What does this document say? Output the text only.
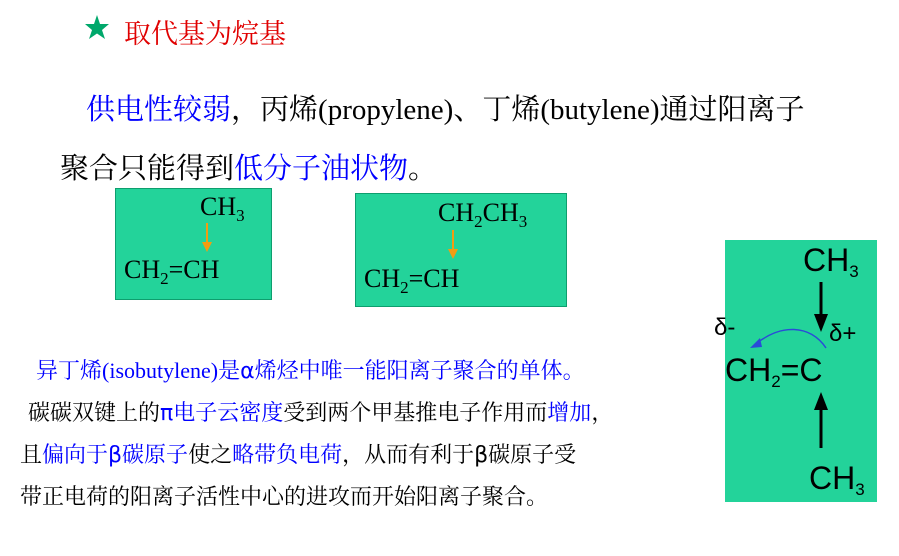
取代基为烷基
供电性较弱，丙烯(propylene)、丁烯(butylene)通过阳离子
聚合只能得到低分子油状物。
$CH_3$
$CH_2=CH$
$CH_2CH_3$
$CH_2=CH$
$CH_3$
δ+
$CH_2=C$
$CH_3$
δ-
异丁烯(isobutylene)是α烯烃中唯一能阳离子聚合的单体。
碳碳双键上的π电子云密度受到两个甲基推电子作用而增加，
且偏向于β碳原子使之略带负电荷，从而有利于β碳原子受
带正电荷的阳离子活性中心的进攻而开始阳离子聚合。
